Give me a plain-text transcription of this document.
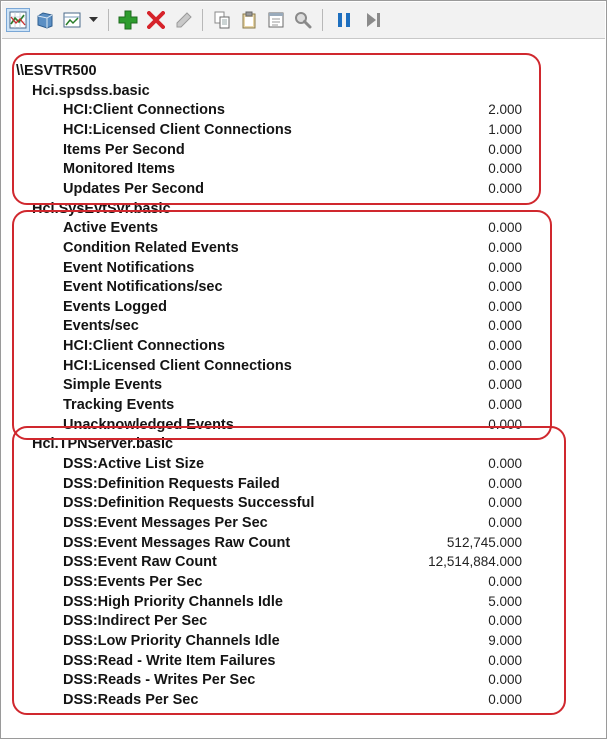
\\ESVTR500
Hci.spsdss.basic
HCI:Client Connections	2.000
HCI:Licensed Client Connections	1.000
Items Per Second	0.000
Monitored Items	0.000
Updates Per Second	0.000
Hci.SysEvtSvr.basic
Active Events	0.000
Condition Related Events	0.000
Event Notifications	0.000
Event Notifications/sec	0.000
Events Logged	0.000
Events/sec	0.000
HCI:Client Connections	0.000
HCI:Licensed Client Connections	0.000
Simple Events	0.000
Tracking Events	0.000
Unacknowledged Events	0.000
Hci.TPNServer.basic
DSS:Active List Size	0.000
DSS:Definition Requests Failed	0.000
DSS:Definition Requests Successful	0.000
DSS:Event Messages Per Sec	0.000
DSS:Event Messages Raw Count	512,745.000
DSS:Event Raw Count	12,514,884.000
DSS:Events Per Sec	0.000
DSS:High Priority Channels Idle	5.000
DSS:Indirect Per Sec	0.000
DSS:Low Priority Channels Idle	9.000
DSS:Read - Write Item Failures	0.000
DSS:Reads - Writes Per Sec	0.000
DSS:Reads Per Sec	0.000
